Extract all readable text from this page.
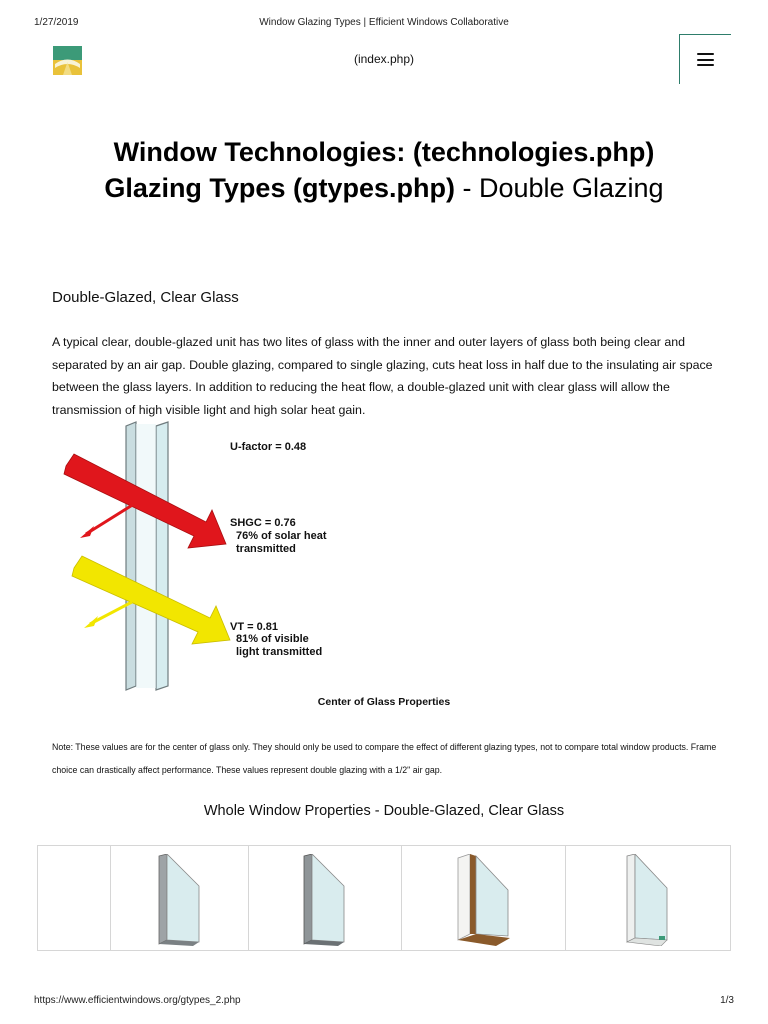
1/27/2019	Window Glazing Types | Efficient Windows Collaborative
(index.php)
Window Technologies: (technologies.php)
Glazing Types (gtypes.php) - Double Glazing
Double-Glazed, Clear Glass
A typical clear, double-glazed unit has two lites of glass with the inner and outer layers of glass both being clear and separated by an air gap. Double glazing, compared to single glazing, cuts heat loss in half due to the insulating air space between the glass layers. In addition to reducing the heat flow, a double-glazed unit with clear glass will allow the transmission of high visible light and high solar heat gain.
U-factor = 0.48
SHGC = 0.76
76% of solar heat
transmitted
VT = 0.81
81% of visible
light transmitted
Center of Glass Properties
Note: These values are for the center of glass only. They should only be used to compare the effect of different glazing types, not to compare total window products. Frame choice can drastically affect performance. These values represent double glazing with a 1/2" air gap.
Whole Window Properties - Double-Glazed, Clear Glass
https://www.efficientwindows.org/gtypes_2.php	1/3
